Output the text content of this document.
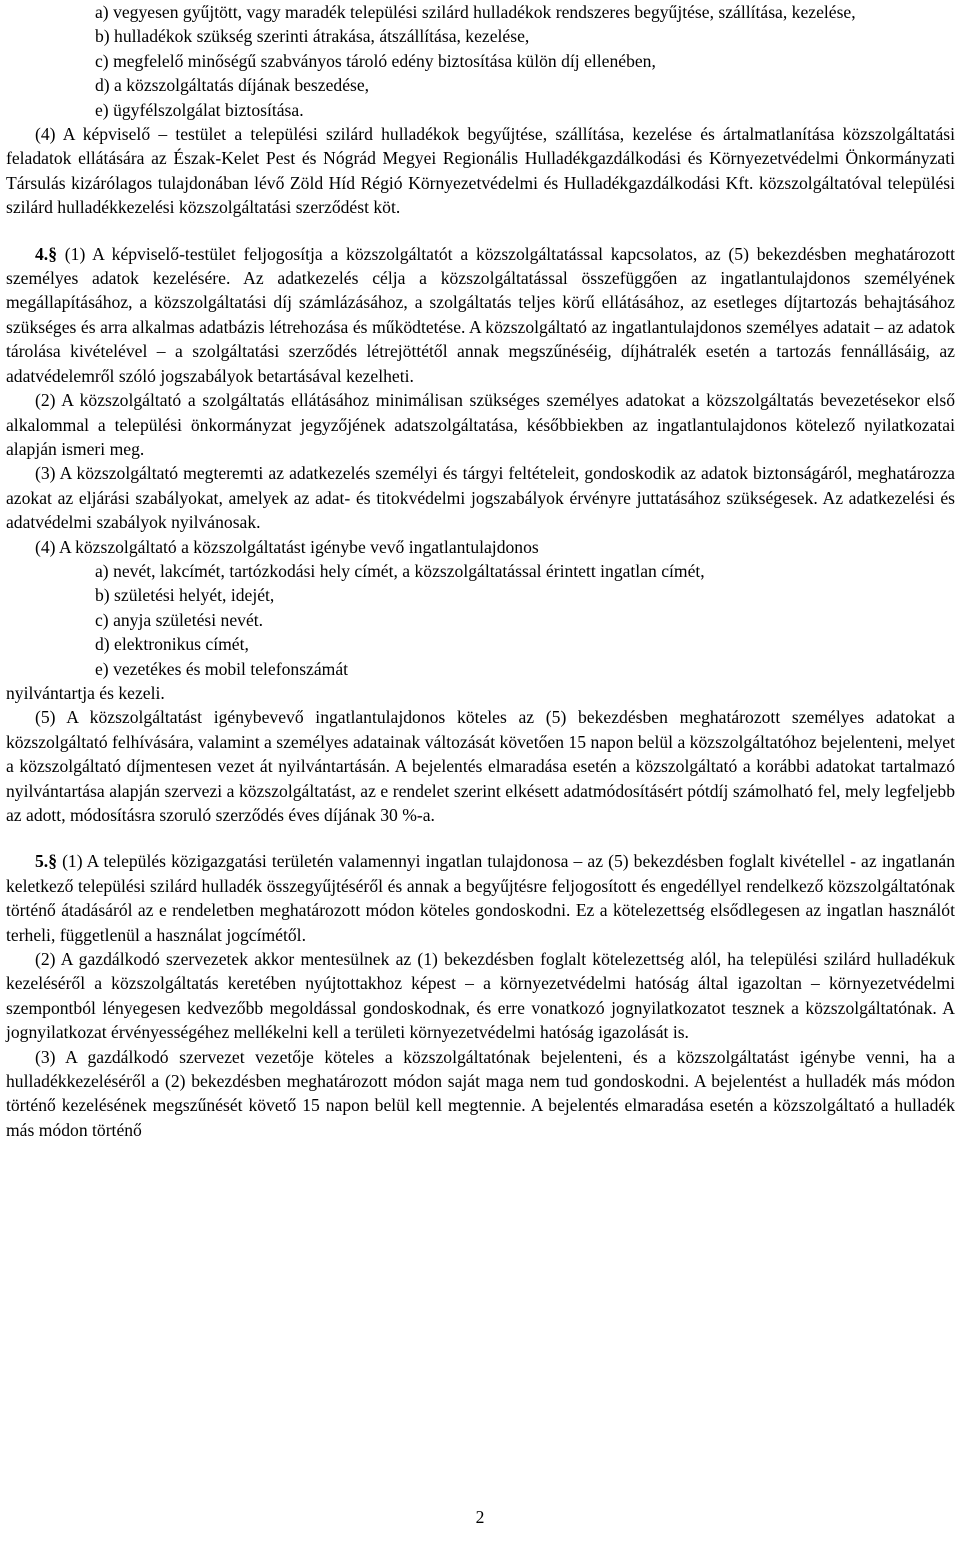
a) vegyesen gyűjtött, vagy maradék települési szilárd hulladékok rendszeres begyűjtése, szállítása, kezelése,
b) hulladékok szükség szerinti átrakása, átszállítása, kezelése,
c) megfelelő minőségű szabványos tároló edény biztosítása külön díj ellenében,
d) a közszolgáltatás díjának beszedése,
e) ügyfélszolgálat biztosítása.

(4) A képviselő – testület a települési szilárd hulladékok begyűjtése, szállítása, kezelése és ártalmatlanítása közszolgáltatási feladatok ellátására az Észak-Kelet Pest és Nógrád Megyei Regionális Hulladékgazdálkodási és Környezetvédelmi Önkormányzati Társulás kizárólagos tulajdonában lévő Zöld Híd Régió Környezetvédelmi és Hulladékgazdálkodási Kft. közszolgáltatóval települési szilárd hulladékkezelési közszolgáltatási szerződést köt.

4.§ (1) A képviselő-testület feljogosítja a közszolgáltatót a közszolgáltatással kapcsolatos, az (5) bekezdésben meghatározott személyes adatok kezelésére. Az adatkezelés célja a közszolgáltatással összefüggően az ingatlantulajdonos személyének megállapításához, a közszolgáltatási díj számlázásához, a szolgáltatás teljes körű ellátásához, az esetleges díjtartozás behajtásához szükséges és arra alkalmas adatbázis létrehozása és működtetése. A közszolgáltató az ingatlantulajdonos személyes adatait – az adatok tárolása kivételével – a szolgáltatási szerződés létrejöttétől annak megszűnéséig, díjhátralék esetén a tartozás fennállásáig, az adatvédelemről szóló jogszabályok betartásával kezelheti.

(2) A közszolgáltató a szolgáltatás ellátásához minimálisan szükséges személyes adatokat a közszolgáltatás bevezetésekor első alkalommal a települési önkormányzat jegyzőjének adatszolgáltatása, későbbiekben az ingatlantulajdonos kötelező nyilatkozatai alapján ismeri meg.

(3) A közszolgáltató megteremti az adatkezelés személyi és tárgyi feltételeit, gondoskodik az adatok biztonságáról, meghatározza azokat az eljárási szabályokat, amelyek az adat- és titokvédelmi jogszabályok érvényre juttatásához szükségesek. Az adatkezelési és adatvédelmi szabályok nyilvánosak.

(4) A közszolgáltató a közszolgáltatást igénybe vevő ingatlantulajdonos

a) nevét, lakcímét, tartózkodási hely címét, a közszolgáltatással érintett ingatlan címét,
b) születési helyét, idejét,
c) anyja születési nevét.
d) elektronikus címét,
e) vezetékes és mobil telefonszámát

nyilvántartja és kezeli.

(5) A közszolgáltatást igénybevevő ingatlantulajdonos köteles az (5) bekezdésben meghatározott személyes adatokat a közszolgáltató felhívására, valamint a személyes adatainak változását követően 15 napon belül a közszolgáltatóhoz bejelenteni, melyet a közszolgáltató díjmentesen vezet át nyilvántartásán. A bejelentés elmaradása esetén a közszolgáltató a korábbi adatokat tartalmazó nyilvántartása alapján szervezi a közszolgáltatást, az e rendelet szerint elkésett adatmódosításért pótdíj számolható fel, mely legfeljebb az adott, módosításra szoruló szerződés éves díjának 30 %-a.

5.§ (1) A település közigazgatási területén valamennyi ingatlan tulajdonosa – az (5) bekezdésben foglalt kivétellel - az ingatlanán keletkező települési szilárd hulladék összegyűjtéséről és annak a begyűjtésre feljogosított és engedéllyel rendelkező közszolgáltatónak történő átadásáról az e rendeletben meghatározott módon köteles gondoskodni. Ez a kötelezettség elsődlegesen az ingatlan használót terheli, függetlenül a használat jogcímétől.

(2) A gazdálkodó szervezetek akkor mentesülnek az (1) bekezdésben foglalt kötelezettség alól, ha települési szilárd hulladékuk kezeléséről a közszolgáltatás keretében nyújtottakhoz képest – a környezetvédelmi hatóság által igazoltan – környezetvédelmi szempontból lényegesen kedvezőbb megoldással gondoskodnak, és erre vonatkozó jognyilatkozatot tesznek a közszolgáltatónak. A jognyilatkozat érvényességéhez mellékelni kell a területi környezetvédelmi hatóság igazolását is.

(3) A gazdálkodó szervezet vezetője köteles a közszolgáltatónak bejelenteni, és a közszolgáltatást igénybe venni, ha a hulladékkezeléséről a (2) bekezdésben meghatározott módon saját maga nem tud gondoskodni. A bejelentést a hulladék más módon történő kezelésének megszűnését követő 15 napon belül kell megtennie. A bejelentés elmaradása esetén a közszolgáltató a hulladék más módon történő

2
